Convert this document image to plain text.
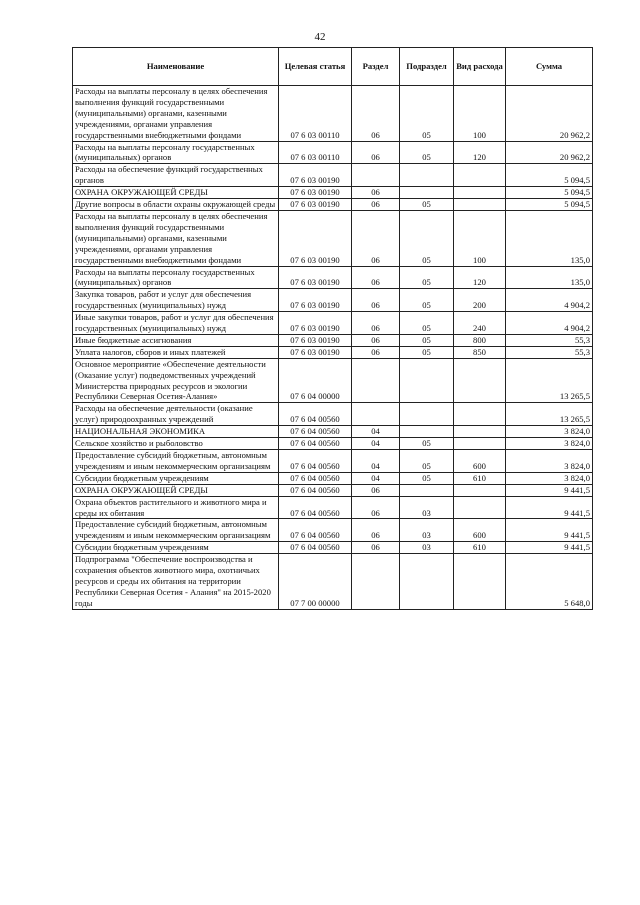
42
Наименование	Целевая статья	Раздел	Подраздел	Вид расхода	Сумма
Расходы на выплаты персоналу в целях обеспечения выполнения функций государственными (муниципальными) органами, казенными учреждениями, органами управления государственными внебюджетными фондами	07 6 03 00110	06	05	100	20 962,2
Расходы на выплаты персоналу государственных (муниципальных) органов	07 6 03 00110	06	05	120	20 962,2
Расходы на обеспечение функций государственных органов	07 6 03 00190				5 094,5
ОХРАНА ОКРУЖАЮЩЕЙ СРЕДЫ	07 6 03 00190	06			5 094,5
Другие вопросы в области охраны окружающей среды	07 6 03 00190	06	05		5 094,5
Расходы на выплаты персоналу в целях обеспечения выполнения функций государственными (муниципальными) органами, казенными учреждениями, органами управления государственными внебюджетными фондами	07 6 03 00190	06	05	100	135,0
Расходы на выплаты персоналу государственных (муниципальных) органов	07 6 03 00190	06	05	120	135,0
Закупка товаров, работ и услуг для обеспечения государственных (муниципальных) нужд	07 6 03 00190	06	05	200	4 904,2
Иные закупки товаров, работ и услуг для обеспечения государственных (муниципальных) нужд	07 6 03 00190	06	05	240	4 904,2
Иные бюджетные ассигнования	07 6 03 00190	06	05	800	55,3
Уплата налогов, сборов и иных платежей	07 6 03 00190	06	05	850	55,3
Основное мероприятие «Обеспечение деятельности (Оказание услуг) подведомственных учреждений Министерства природных ресурсов и экологии Республики Северная Осетия-Алания»	07 6 04 00000				13 265,5
Расходы на обеспечение деятельности (оказание услуг) природоохранных учреждений	07 6 04 00560				13 265,5
НАЦИОНАЛЬНАЯ ЭКОНОМИКА	07 6 04 00560	04			3 824,0
Сельское хозяйство и рыболовство	07 6 04 00560	04	05		3 824,0
Предоставление субсидий бюджетным, автономным учреждениям и иным некоммерческим организациям	07 6 04 00560	04	05	600	3 824,0
Субсидии бюджетным учреждениям	07 6 04 00560	04	05	610	3 824,0
ОХРАНА ОКРУЖАЮЩЕЙ СРЕДЫ	07 6 04 00560	06			9 441,5
Охрана объектов растительного и животного мира и среды их обитания	07 6 04 00560	06	03		9 441,5
Предоставление субсидий бюджетным, автономным учреждениям и иным некоммерческим организациям	07 6 04 00560	06	03	600	9 441,5
Субсидии бюджетным учреждениям	07 6 04 00560	06	03	610	9 441,5
Подпрограмма "Обеспечение воспроизводства и сохранения объектов животного мира, охотничьих ресурсов и среды их обитания на территории Республики Северная Осетия - Алания" на 2015-2020 годы	07 7 00 00000				5 648,0
